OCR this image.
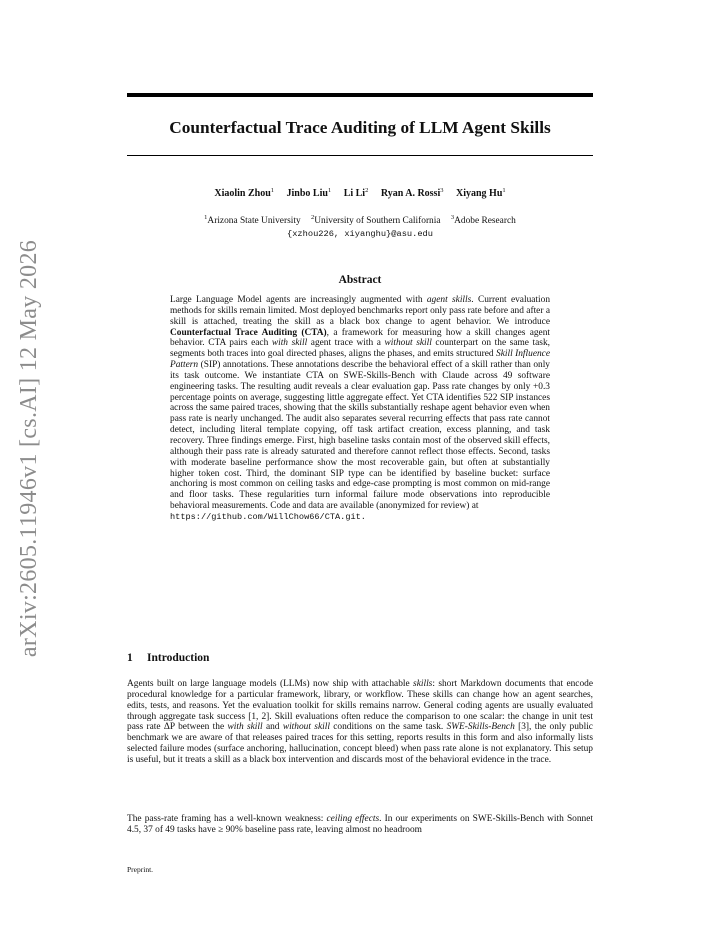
arXiv:2605.11946v1 [cs.AI] 12 May 2026
Counterfactual Trace Auditing of LLM Agent Skills
Xiaolin Zhou$^1$ Jinbo Liu$^1$ Li Li$^2$ Ryan A. Rossi$^3$ Xiyang Hu$^1$
$^1$Arizona State University $^2$University of Southern California $^3$Adobe Research
{xzhou226, xiyanghu}@asu.edu
Abstract

Large Language Model agents are increasingly augmented with agent skills. Current evaluation methods for skills remain limited. Most deployed benchmarks report only pass rate before and after a skill is attached, treating the skill as a black box change to agent behavior. We introduce Counterfactual Trace Auditing (CTA), a framework for measuring how a skill changes agent behavior. CTA pairs each with skill agent trace with a without skill counterpart on the same task, segments both traces into goal directed phases, aligns the phases, and emits structured Skill Influence Pattern (SIP) annotations. These annotations describe the behavioral effect of a skill rather than only its task outcome. We instantiate CTA on SWE-Skills-Bench with Claude across 49 software engineering tasks. The resulting audit reveals a clear evaluation gap. Pass rate changes by only +0.3 percentage points on average, suggesting little aggregate effect. Yet CTA identifies 522 SIP instances across the same paired traces, showing that the skills substantially reshape agent behavior even when pass rate is nearly unchanged. The audit also separates several recurring effects that pass rate cannot detect, including literal template copying, off task artifact creation, excess planning, and task recovery. Three findings emerge. First, high baseline tasks contain most of the observed skill effects, although their pass rate is already saturated and therefore cannot reflect those effects. Second, tasks with moderate baseline performance show the most recoverable gain, but often at substantially higher token cost. Third, the dominant SIP type can be identified by baseline bucket: surface anchoring is most common on ceiling tasks and edge-case prompting is most common on mid-range and floor tasks. These regularities turn informal failure mode observations into reproducible behavioral measurements. Code and data are available (anonymized for review) at
https://github.com/WillChow66/CTA.git.

1 Introduction

Agents built on large language models (LLMs) now ship with attachable skills: short Markdown documents that encode procedural knowledge for a particular framework, library, or workflow. These skills can change how an agent searches, edits, tests, and reasons. Yet the evaluation toolkit for skills remains narrow. General coding agents are usually evaluated through aggregate task success [1, 2]. Skill evaluations often reduce the comparison to one scalar: the change in unit test pass rate ΔP between the with skill and without skill conditions on the same task. SWE-Skills-Bench [3], the only public benchmark we are aware of that releases paired traces for this setting, reports results in this form and also informally lists selected failure modes (surface anchoring, hallucination, concept bleed) when pass rate alone is not explanatory. This setup is useful, but it treats a skill as a black box intervention and discards most of the behavioral evidence in the trace.

The pass-rate framing has a well-known weakness: ceiling effects. In our experiments on SWE-Skills-Bench with Sonnet 4.5, 37 of 49 tasks have ≥ 90% baseline pass rate, leaving almost no headroom

Preprint.
